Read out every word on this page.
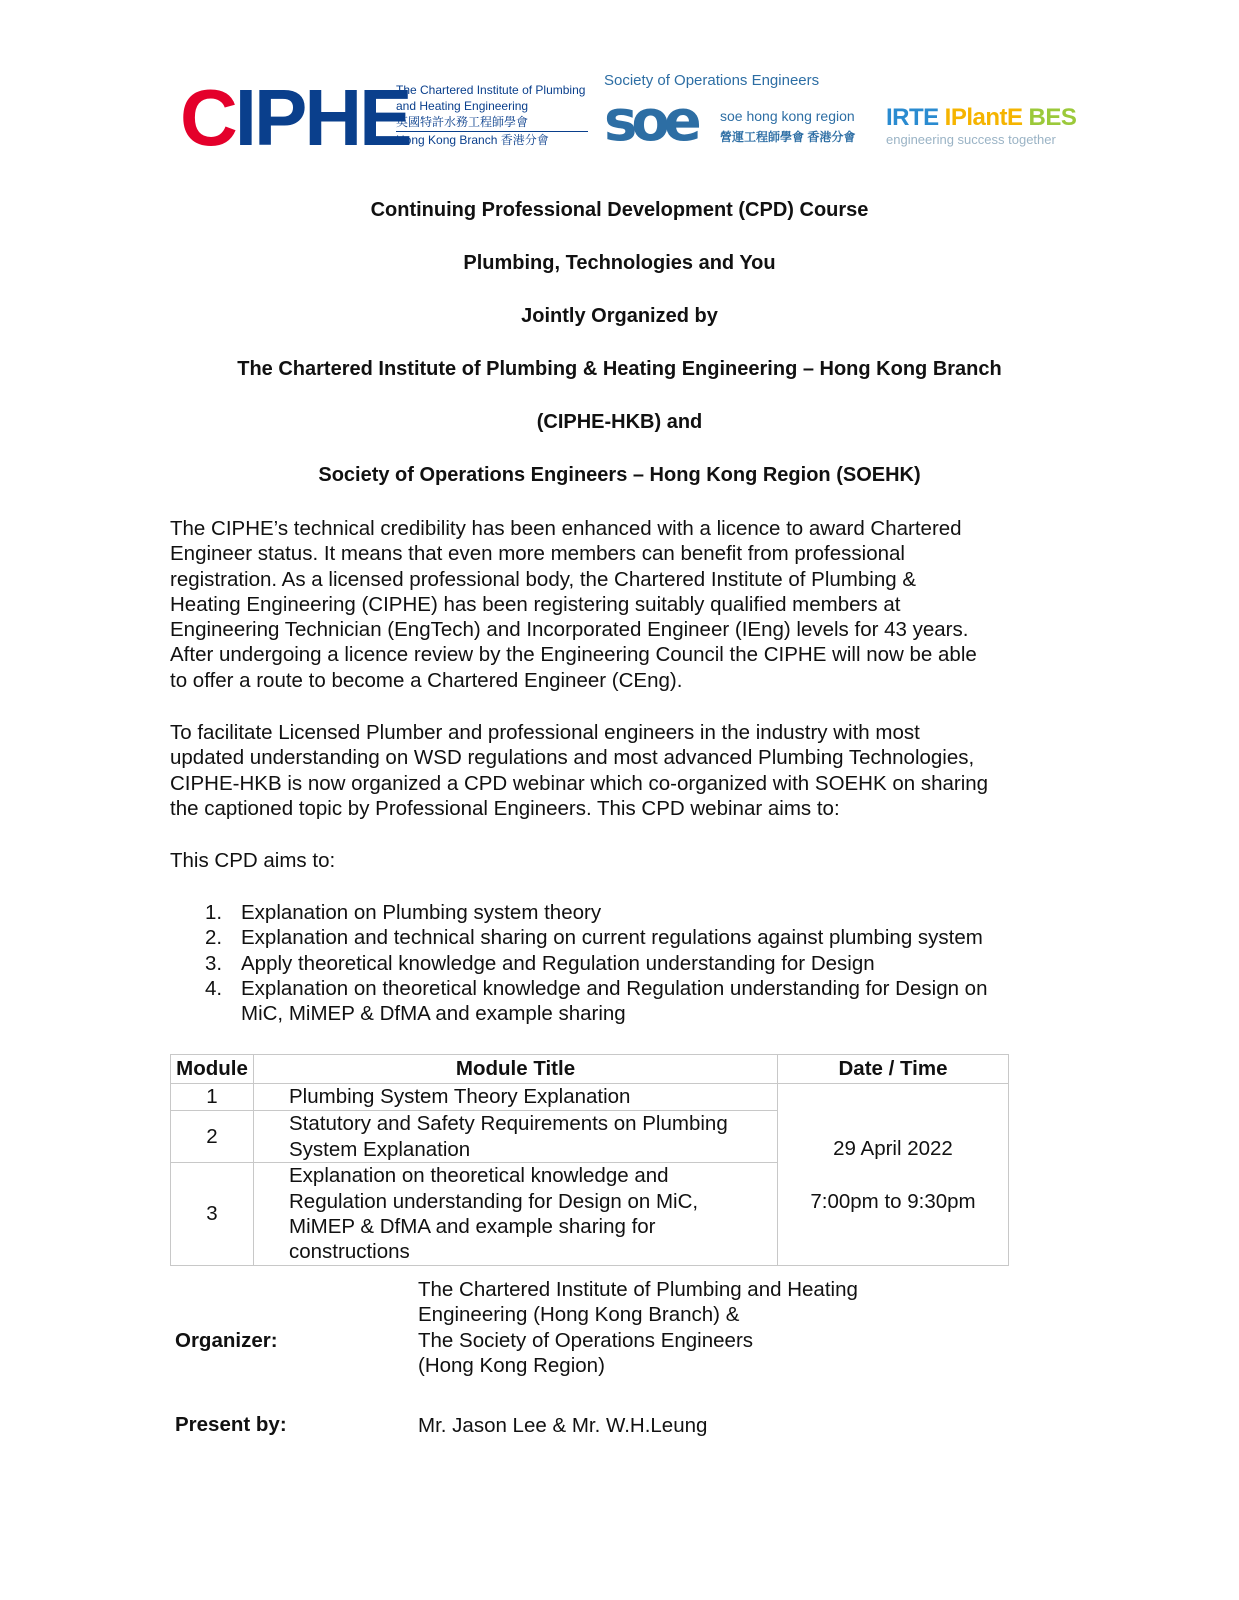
CIPHE
The Chartered Institute of Plumbing
and Heating Engineering
英國特許水務工程師學會
Hong Kong Branch 香港分會
Society of Operations Engineers
soe soe hong kong region
營運工程師學會 香港分會
IRTE IPlantE BES
engineering success together
Continuing Professional Development (CPD) Course
Plumbing, Technologies and You
Jointly Organized by
The Chartered Institute of Plumbing & Heating Engineering – Hong Kong Branch
(CIPHE-HKB) and
Society of Operations Engineers – Hong Kong Region (SOEHK)
The CIPHE’s technical credibility has been enhanced with a licence to award Chartered
Engineer status. It means that even more members can benefit from professional
registration. As a licensed professional body, the Chartered Institute of Plumbing &
Heating Engineering (CIPHE) has been registering suitably qualified members at
Engineering Technician (EngTech) and Incorporated Engineer (IEng) levels for 43 years.
After undergoing a licence review by the Engineering Council the CIPHE will now be able
to offer a route to become a Chartered Engineer (CEng).
To facilitate Licensed Plumber and professional engineers in the industry with most
updated understanding on WSD regulations and most advanced Plumbing Technologies,
CIPHE-HKB is now organized a CPD webinar which co-organized with SOEHK on sharing
the captioned topic by Professional Engineers. This CPD webinar aims to:
This CPD aims to:
1. Explanation on Plumbing system theory
2. Explanation and technical sharing on current regulations against plumbing system
3. Apply theoretical knowledge and Regulation understanding for Design
4. Explanation on theoretical knowledge and Regulation understanding for Design on
MiC, MiMEP & DfMA and example sharing
Module	Module Title	Date / Time
1	Plumbing System Theory Explanation	29 April 2022

7:00pm to 9:30pm

2	Statutory and Safety Requirements on Plumbing
System Explanation	

3	Explanation on theoretical knowledge and
Regulation understanding for Design on MiC,
MiMEP & DfMA and example sharing for
constructions	
Organizer:
The Chartered Institute of Plumbing and Heating
Engineering (Hong Kong Branch) &
The Society of Operations Engineers
(Hong Kong Region)
Present by:	Mr. Jason Lee & Mr. W.H.Leung
